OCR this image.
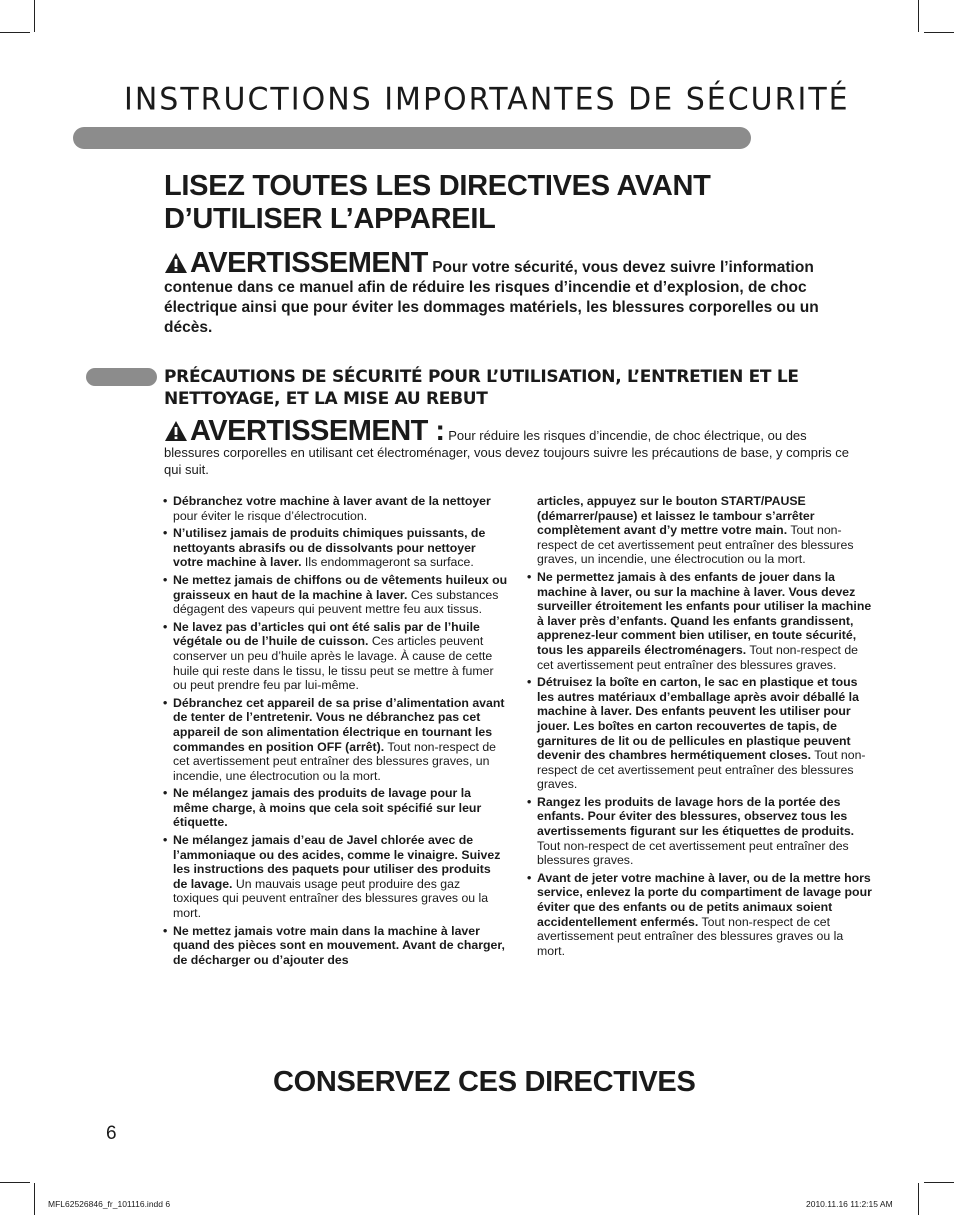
INSTRUCTIONS IMPORTANTES DE SÉCURITÉ
LISEZ TOUTES LES DIRECTIVES AVANT
D’UTILISER L’APPAREIL
AVERTISSEMENT Pour votre sécurité, vous devez suivre l’information contenue dans ce manuel afin de réduire les risques d’incendie et d’explosion, de choc électrique ainsi que pour éviter les dommages matériels, les blessures corporelles ou un décès.
PRÉCAUTIONS DE SÉCURITÉ POUR L’UTILISATION, L’ENTRETIEN ET LE
NETTOYAGE, ET LA MISE AU REBUT
AVERTISSEMENT : Pour réduire les risques d’incendie, de choc électrique, ou des blessures corporelles en utilisant cet électroménager, vous devez toujours suivre les précautions de base, y compris ce qui suit.
• Débranchez votre machine à laver avant de la nettoyer pour éviter le risque d’électrocution.
• N’utilisez jamais de produits chimiques puissants, de nettoyants abrasifs ou de dissolvants pour nettoyer votre machine à laver. Ils endommageront sa surface.
• Ne mettez jamais de chiffons ou de vêtements huileux ou graisseux en haut de la machine à laver. Ces substances dégagent des vapeurs qui peuvent mettre feu aux tissus.
• Ne lavez pas d’articles qui ont été salis par de l’huile végétale ou de l’huile de cuisson. Ces articles peuvent conserver un peu d’huile après le lavage. À cause de cette huile qui reste dans le tissu, le tissu peut se mettre à fumer ou peut prendre feu par lui-même.
• Débranchez cet appareil de sa prise d’alimentation avant de tenter de l’entretenir. Vous ne débranchez pas cet appareil de son alimentation électrique en tournant les commandes en position OFF (arrêt). Tout non-respect de cet avertissement peut entraîner des blessures graves, un incendie, une électrocution ou la mort.
• Ne mélangez jamais des produits de lavage pour la même charge, à moins que cela soit spécifié sur leur étiquette.
• Ne mélangez jamais d’eau de Javel chlorée avec de l’ammoniaque ou des acides, comme le vinaigre. Suivez les instructions des paquets pour utiliser des produits de lavage. Un mauvais usage peut produire des gaz toxiques qui peuvent entraîner des blessures graves ou la mort.
• Ne mettez jamais votre main dans la machine à laver quand des pièces sont en mouvement. Avant de charger, de décharger ou d’ajouter des
articles, appuyez sur le bouton START/PAUSE (démarrer/pause) et laissez le tambour s’arrêter complètement avant d’y mettre votre main. Tout non-respect de cet avertissement peut entraîner des blessures graves, un incendie, une électrocution ou la mort.
• Ne permettez jamais à des enfants de jouer dans la machine à laver, ou sur la machine à laver. Vous devez surveiller étroitement les enfants pour utiliser la machine à laver près d’enfants. Quand les enfants grandissent, apprenez-leur comment bien utiliser, en toute sécurité, tous les appareils électroménagers. Tout non-respect de cet avertissement peut entraîner des blessures graves.
• Détruisez la boîte en carton, le sac en plastique et tous les autres matériaux d’emballage après avoir déballé la machine à laver. Des enfants peuvent les utiliser pour jouer. Les boîtes en carton recouvertes de tapis, de garnitures de lit ou de pellicules en plastique peuvent devenir des chambres hermétiquement closes. Tout non-respect de cet avertissement peut entraîner des blessures graves.
• Rangez les produits de lavage hors de la portée des enfants. Pour éviter des blessures, observez tous les avertissements figurant sur les étiquettes de produits. Tout non-respect de cet avertissement peut entraîner des blessures graves.
• Avant de jeter votre machine à laver, ou de la mettre hors service, enlevez la porte du compartiment de lavage pour éviter que des enfants ou de petits animaux soient accidentellement enfermés. Tout non-respect de cet avertissement peut entraîner des blessures graves ou la mort.
CONSERVEZ CES DIRECTIVES
6
MFL62526846_fr_101116.indd 6	2010.11.16 11:2:15 AM
